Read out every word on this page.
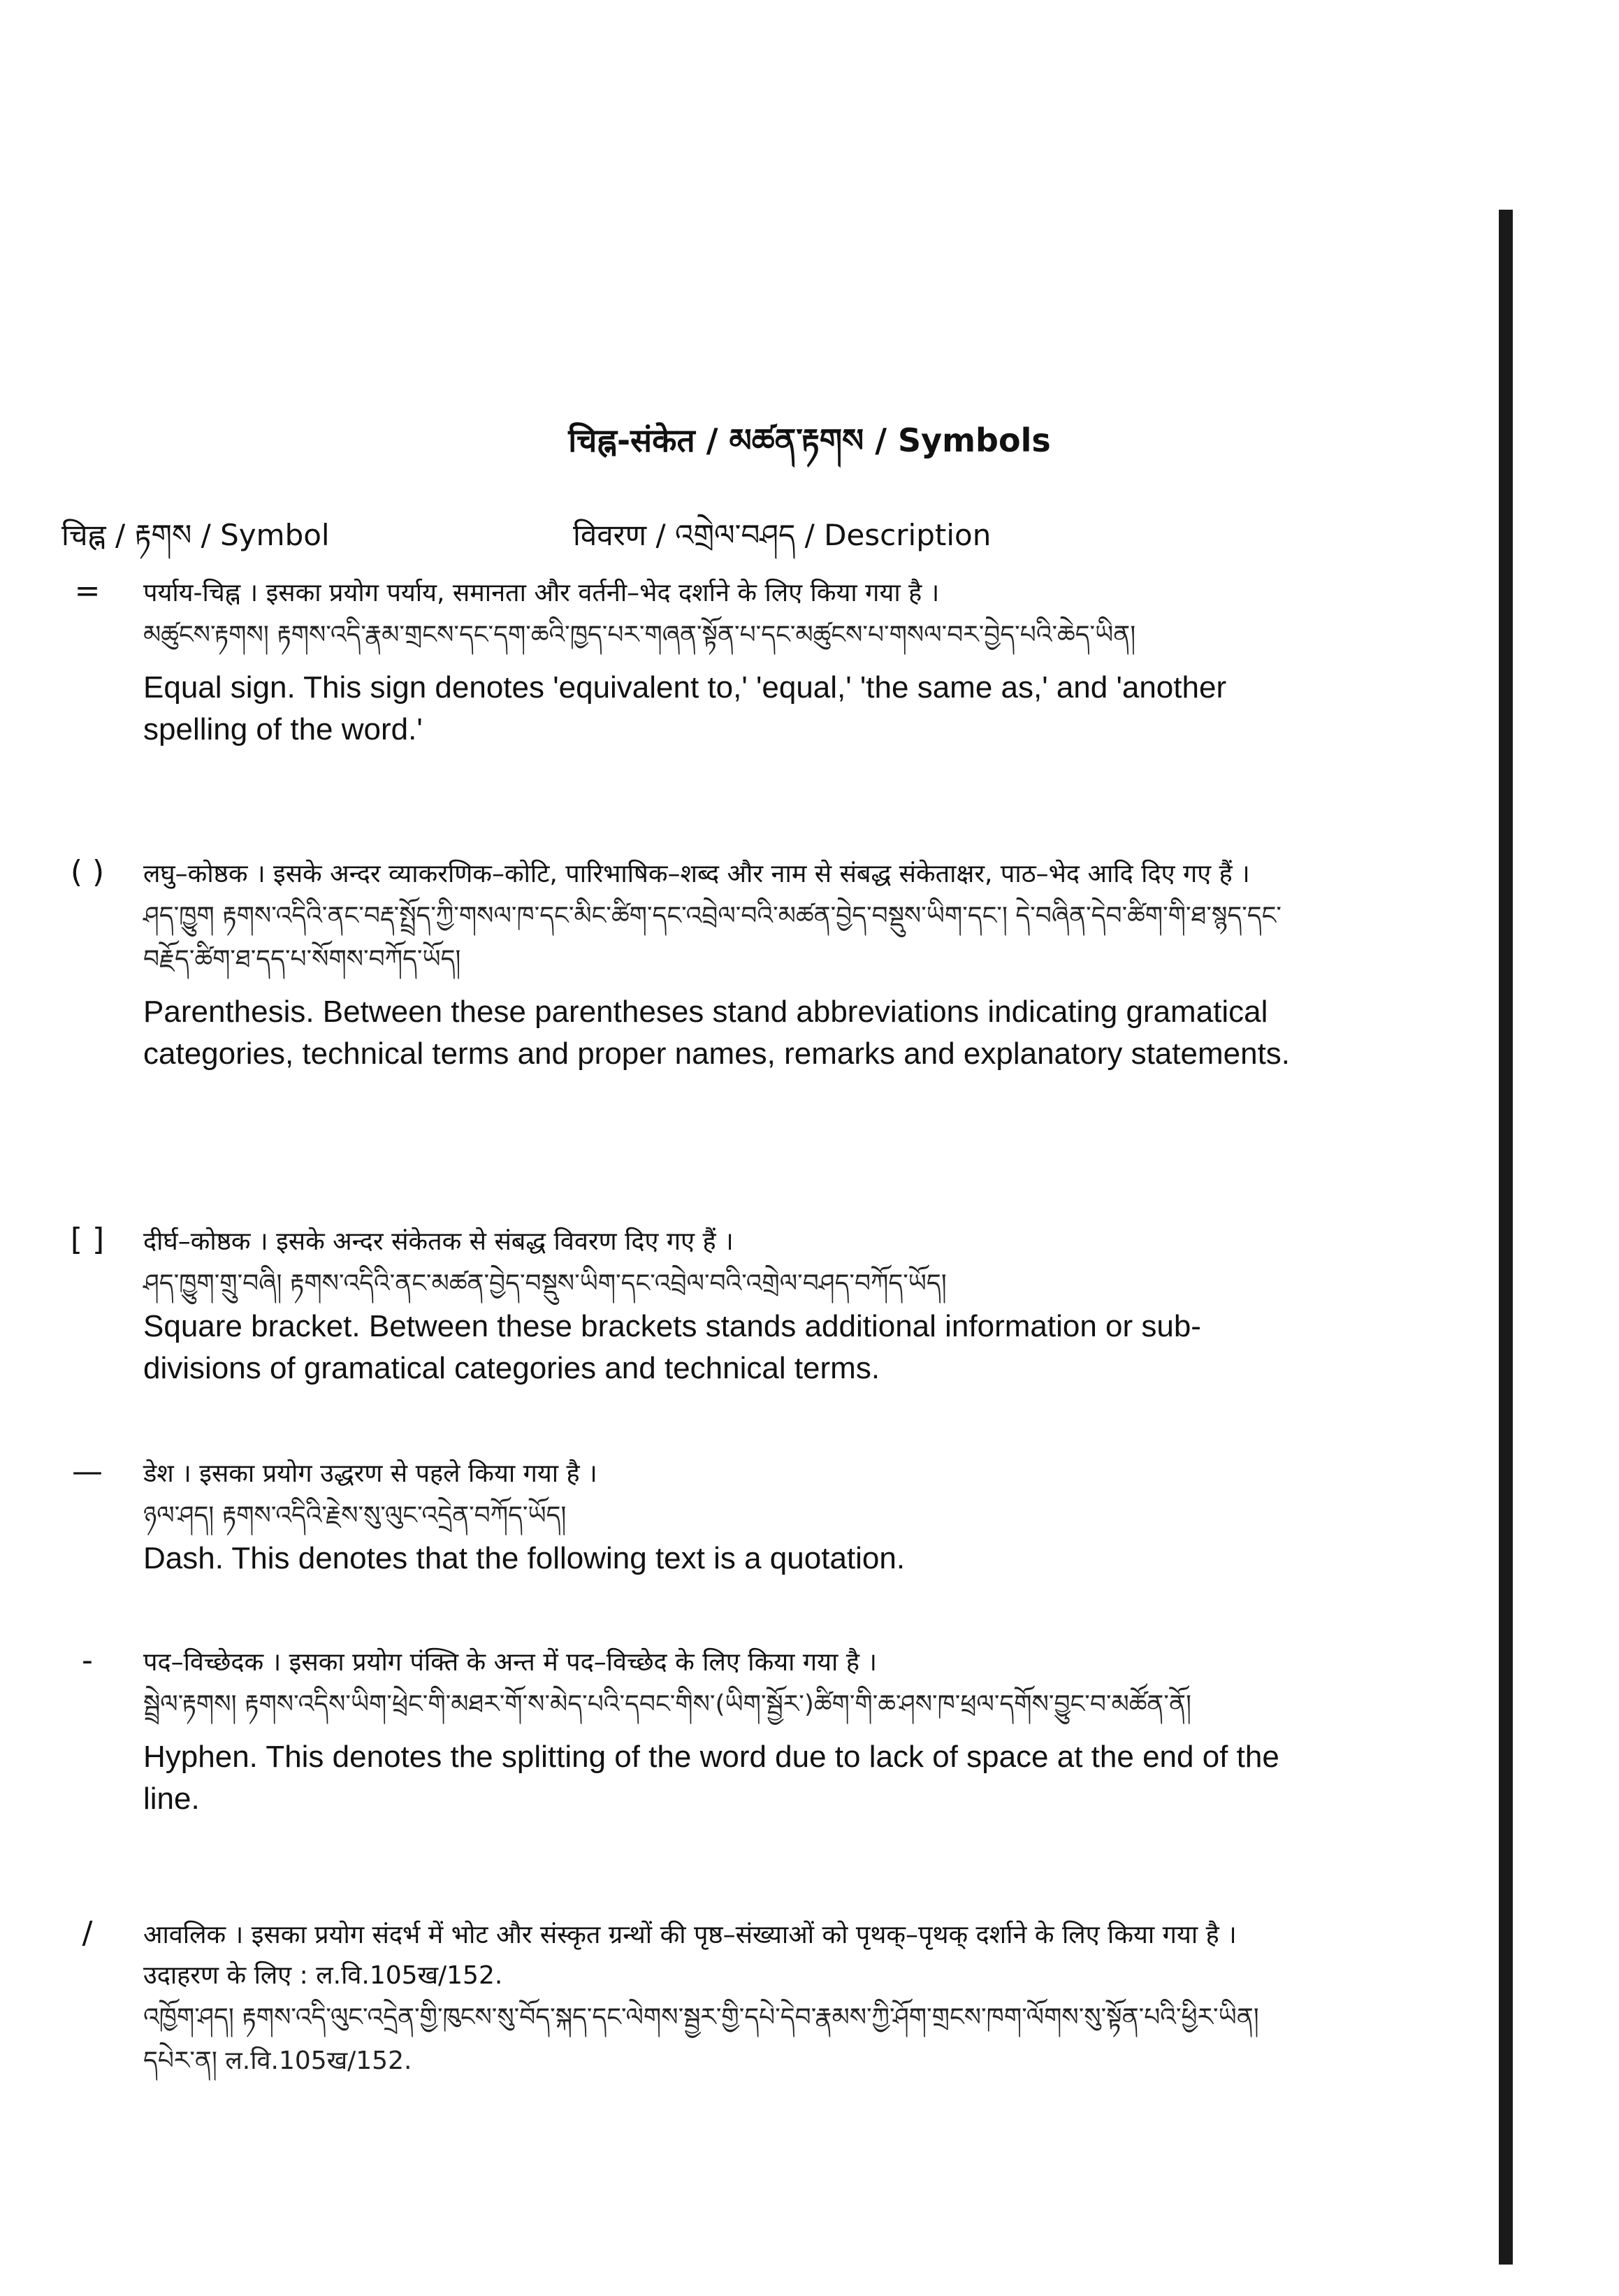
चिह्न-संकेत / མཚན་རྟགས / Symbols
चिह्न / རྟགས / Symbol	विवरण / འགྲེལ་བཤད / Description
=	पर्याय-चिह्न । इसका प्रयोग पर्याय, समानता और वर्तनी–भेद दर्शाने के लिए किया गया है ।
མཚུངས་རྟགས། རྟགས་འདི་རྣམ་གྲངས་དང་དག་ཆའི་ཁྱད་པར་གཞན་སྟོན་པ་དང་མཚུངས་པ་གསལ་བར་བྱེད་པའི་ཆེད་ཡིན།
Equal sign. This sign denotes 'equivalent to,' 'equal,' 'the same as,' and 'another spelling of the word.'
( )	लघु–कोष्ठक । इसके अन्दर व्याकरणिक–कोटि, पारिभाषिक–शब्द और नाम से संबद्ध संकेताक्षर, पाठ–भेद आदि दिए गए हैं ।
ཤད་ཁྱུག རྟགས་འདིའི་ནང་བརྡ་སྤྲོད་ཀྱི་གསལ་ཁ་དང་མིང་ཚིག་དང་འབྲེལ་བའི་མཚན་བྱེད་བསྡུས་ཡིག་དང་། དེ་བཞིན་དེབ་ཚིག་གི་ཐ་སྙད་དང་བརྗོད་ཚིག་ཐ་དད་པ་སོགས་བཀོད་ཡོད།
Parenthesis. Between these parentheses stand abbreviations indicating gramatical categories, technical terms and proper names, remarks and explanatory statements.
[ ]	दीर्घ–कोष्ठक । इसके अन्दर संकेतक से संबद्ध विवरण दिए गए हैं ।
ཤད་ཁྱུག་གྲུ་བཞི། རྟགས་འདིའི་ནང་མཚན་བྱེད་བསྡུས་ཡིག་དང་འབྲེལ་བའི་འགྲེལ་བཤད་བཀོད་ཡོད།
Square bracket. Between these brackets stands additional information or sub-divisions of gramatical categories and technical terms.
—	डेश । इसका प्रयोग उद्धरण से पहले किया गया है ।
ཉལ་ཤད། རྟགས་འདིའི་རྗེས་སུ་ལུང་འདྲེན་བཀོད་ཡོད།
Dash. This denotes that the following text is a quotation.
-	पद–विच्छेदक । इसका प्रयोग पंक्ति के अन्त में पद–विच्छेद के लिए किया गया है ।
སྦྲེལ་རྟགས། རྟགས་འདིས་ཡིག་ཕྲེང་གི་མཐར་གོ་ས་མེད་པའི་དབང་གིས་(ཡིག་སྦྱོར་)ཚིག་གི་ཆ་ཤས་ཁ་ཕྲལ་དགོས་བྱུང་བ་མཚོན་ནོ།
Hyphen. This denotes the splitting of the word due to lack of space at the end of the line.
/	आवलिक । इसका प्रयोग संदर्भ में भोट और संस्कृत ग्रन्थों की पृष्ठ–संख्याओं को पृथक्–पृथक् दर्शाने के लिए किया गया है । उदाहरण के लिए : ल.वि.105ख/152.
འཁྱོག་ཤད། རྟགས་འདི་ལུང་འདྲེན་གྱི་ཁུངས་སུ་བོད་སྐད་དང་ལེགས་སྦྱར་གྱི་དཔེ་དེབ་རྣམས་ཀྱི་ཤོག་གྲངས་ཁག་ལོགས་སུ་སྟོན་པའི་ཕྱིར་ཡིན། དཔེར་ན། ल.वि.105ख/152.
